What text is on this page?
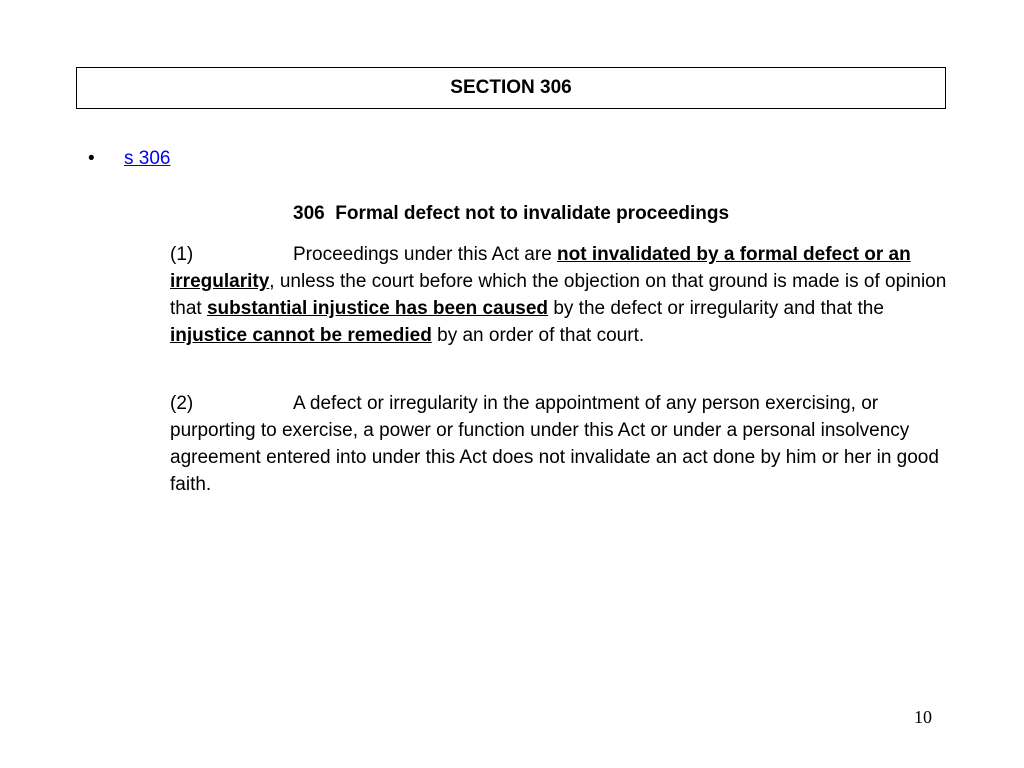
SECTION 306
•	s 306
306  Formal defect not to invalidate proceedings
(1)	Proceedings under this Act are not invalidated by a formal defect or an irregularity, unless the court before which the objection on that ground is made is of opinion that substantial injustice has been caused by the defect or irregularity and that the injustice cannot be remedied by an order of that court.
(2)	A defect or irregularity in the appointment of any person exercising, or purporting to exercise, a power or function under this Act or under a personal insolvency agreement entered into under this Act does not invalidate an act done by him or her in good faith.
10
